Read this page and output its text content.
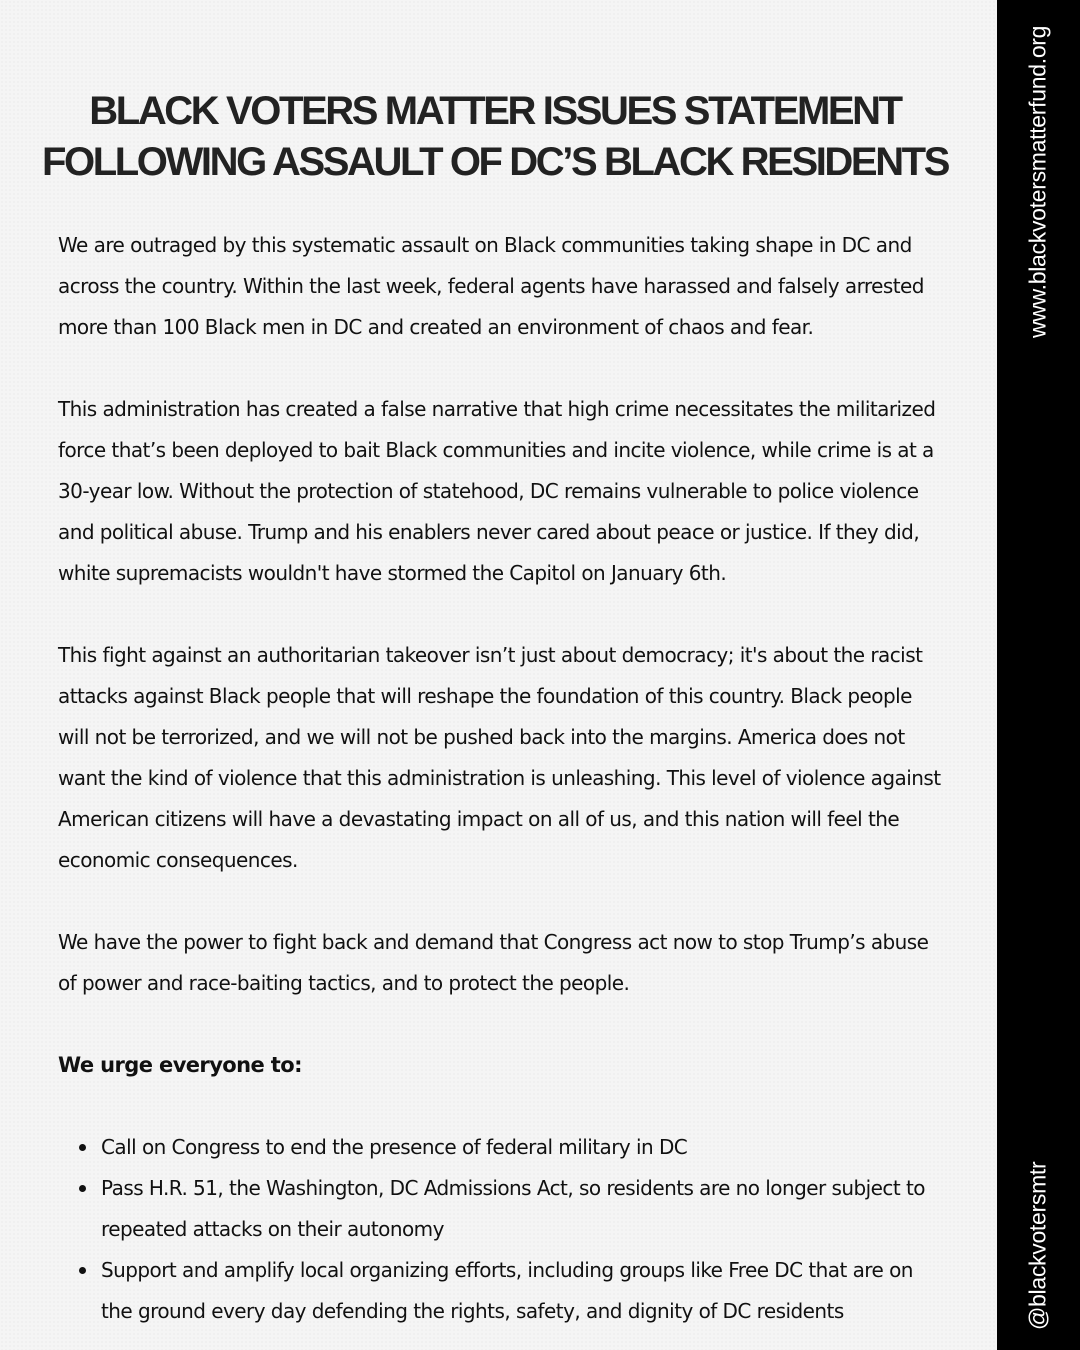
BLACK VOTERS MATTER ISSUES STATEMENT FOLLOWING ASSAULT OF DC’S BLACK RESIDENTS

We are outraged by this systematic assault on Black communities taking shape in DC and across the country. Within the last week, federal agents have harassed and falsely arrested more than 100 Black men in DC and created an environment of chaos and fear.

This administration has created a false narrative that high crime necessitates the militarized force that’s been deployed to bait Black communities and incite violence, while crime is at a 30-year low. Without the protection of statehood, DC remains vulnerable to police violence and political abuse. Trump and his enablers never cared about peace or justice. If they did, white supremacists wouldn't have stormed the Capitol on January 6th.

This fight against an authoritarian takeover isn’t just about democracy; it's about the racist attacks against Black people that will reshape the foundation of this country. Black people will not be terrorized, and we will not be pushed back into the margins. America does not want the kind of violence that this administration is unleashing. This level of violence against American citizens will have a devastating impact on all of us, and this nation will feel the economic consequences.

We have the power to fight back and demand that Congress act now to stop Trump’s abuse of power and race-baiting tactics, and to protect the people.

We urge everyone to:

Call on Congress to end the presence of federal military in DC
Pass H.R. 51, the Washington, DC Admissions Act, so residents are no longer subject to repeated attacks on their autonomy
Support and amplify local organizing efforts, including groups like Free DC that are on the ground every day defending the rights, safety, and dignity of DC residents
www.blackvotersmatterfund.org
@blackvotersmtr
